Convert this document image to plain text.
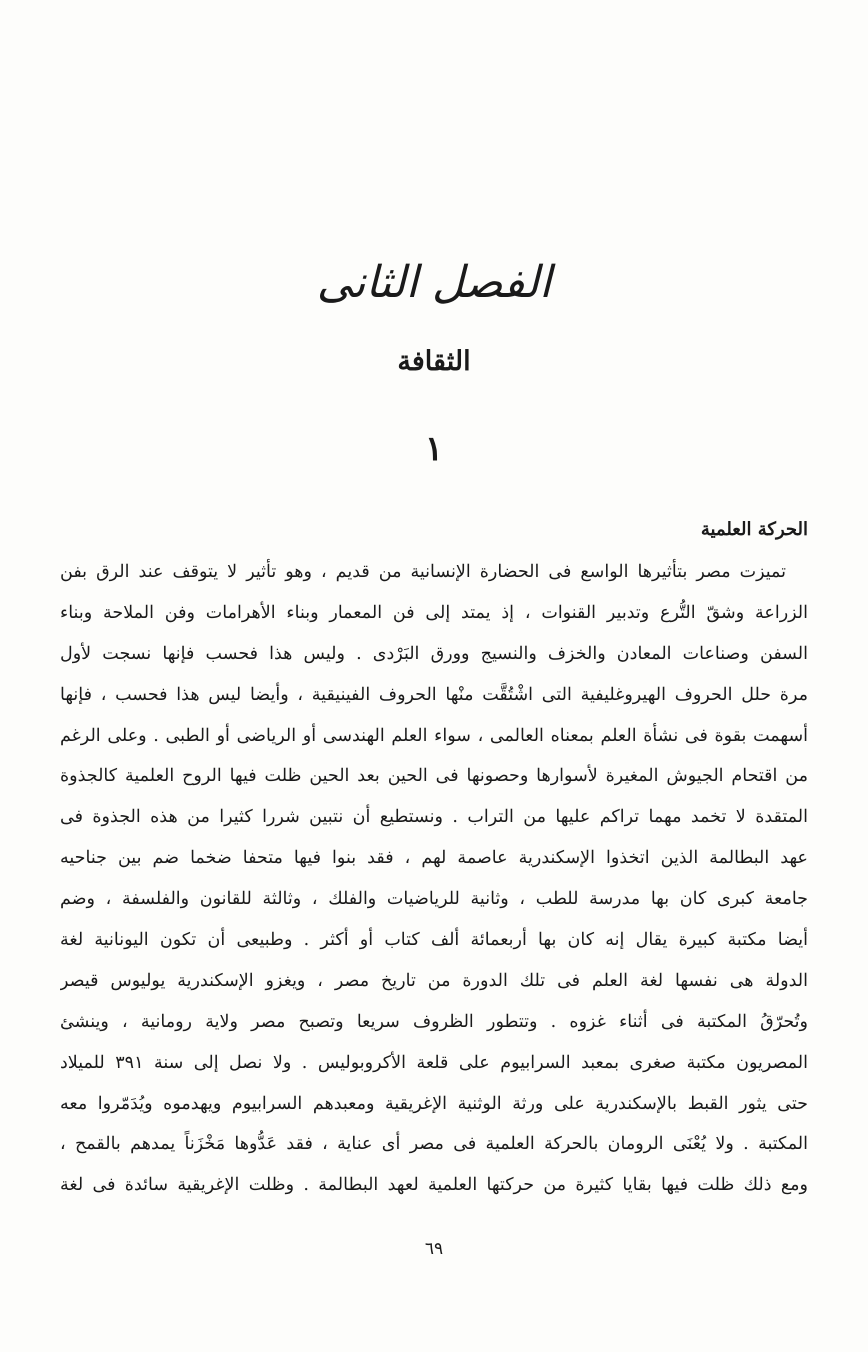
الفصل الثانى
الثقافة
١
الحركة العلمية
تميزت مصر بتأثيرها الواسع فى الحضارة الإنسانية من قديم ، وهو تأثير لا يتوقف عند الرق بفن
الزراعة وشقّ التُّرع وتدبير القنوات ، إذ يمتد إلى فن المعمار وبناء الأهرامات وفن الملاحة وبناء
السفن وصناعات المعادن والخزف والنسيج وورق البَرْدى . وليس هذا فحسب فإنها نسجت لأول
مرة حلل الحروف الهيروغليفية التى اشْتُقَّت منْها الحروف الفينيقية ، وأيضا ليس هذا فحسب ، فإنها
أسهمت بقوة فى نشأة العلم بمعناه العالمى ، سواء العلم الهندسى أو الرياضى أو الطبى . وعلى الرغم
من اقتحام الجيوش المغيرة لأسوارها وحصونها فى الحين بعد الحين ظلت فيها الروح العلمية كالجذوة
المتقدة لا تخمد مهما تراكم عليها من التراب . ونستطيع أن نتبين شررا كثيرا من هذه الجذوة فى
عهد البطالمة الذين اتخذوا الإسكندرية عاصمة لهم ، فقد بنوا فيها متحفا ضخما ضم بين جناحيه
جامعة كبرى كان بها مدرسة للطب ، وثانية للرياضيات والفلك ، وثالثة للقانون والفلسفة ، وضم
أيضا مكتبة كبيرة يقال إنه كان بها أربعمائة ألف كتاب أو أكثر . وطبيعى أن تكون اليونانية لغة
الدولة هى نفسها لغة العلم فى تلك الدورة من تاريخ مصر ، ويغزو الإسكندرية يوليوس قيصر
وتُحرّقُ المكتبة فى أثناء غزوه . وتتطور الظروف سريعا وتصبح مصر ولاية رومانية ، وينشئ
المصريون مكتبة صغرى بمعبد السرابيوم على قلعة الأكروبوليس . ولا نصل إلى سنة ٣٩١ للميلاد
حتى يثور القبط بالإسكندرية على ورثة الوثنية الإغريقية ومعبدهم السرابيوم ويهدموه ويُدَمّروا معه
المكتبة . ولا يُعْنَى الرومان بالحركة العلمية فى مصر أى عناية ، فقد عَدُّوها مَخْزَناً يمدهم بالقمح ،
ومع ذلك ظلت فيها بقايا كثيرة من حركتها العلمية لعهد البطالمة . وظلت الإغريقية سائدة فى لغة
٦٩
